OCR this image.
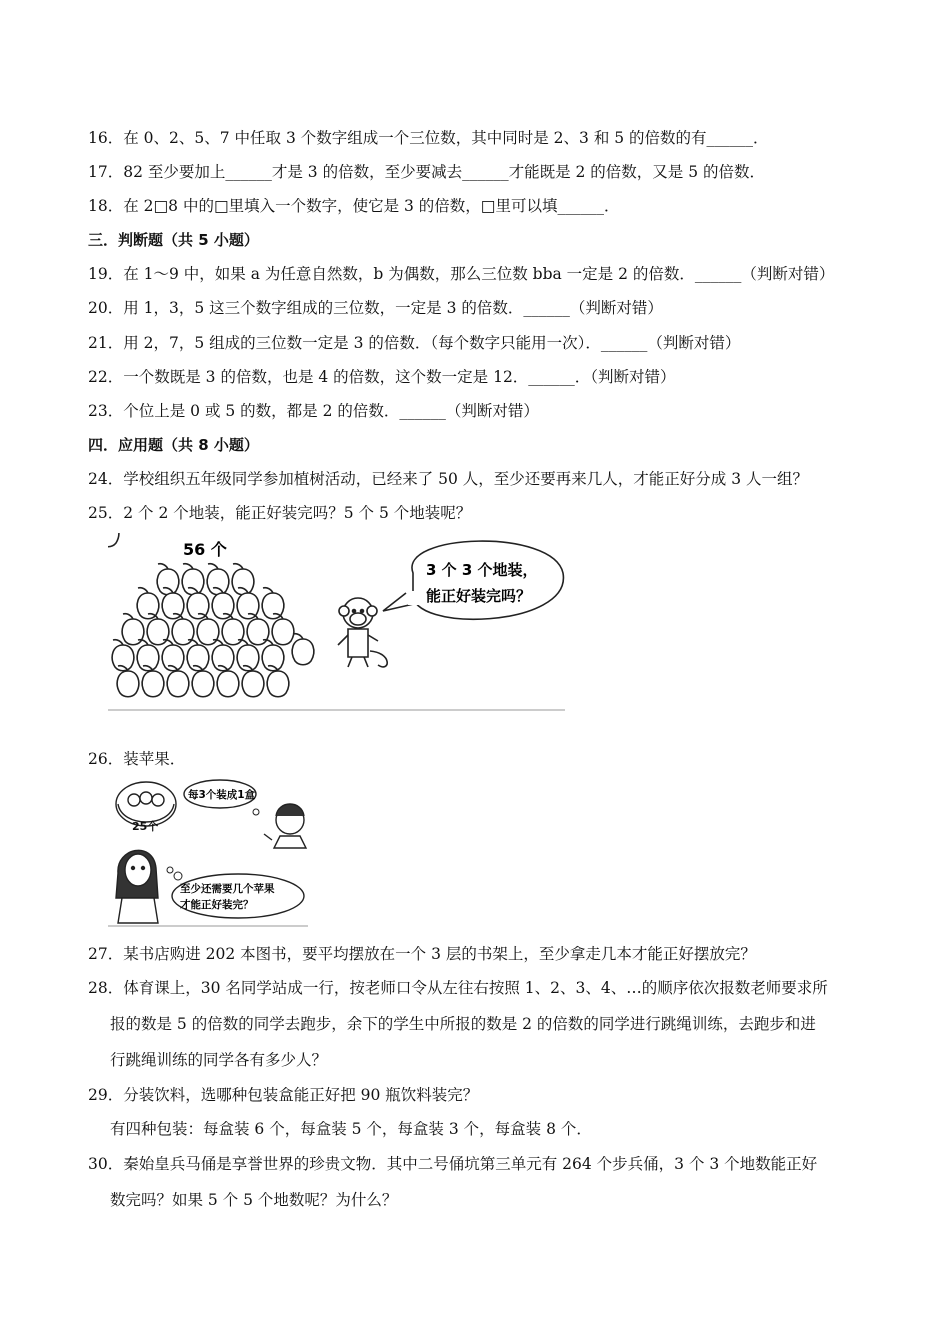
16．在 0、2、5、7 中任取 3 个数字组成一个三位数，其中同时是 2、3 和 5 的倍数的有______．
17．82 至少要加上______才是 3 的倍数，至少要减去______才能既是 2 的倍数，又是 5 的倍数．
18．在 2□8 中的□里填入一个数字，使它是 3 的倍数，□里可以填______．
三．判断题（共 5 小题）
19．在 1～9 中，如果 a 为任意自然数，b 为偶数，那么三位数 bba 一定是 2 的倍数．______（判断对错）
20．用 1，3，5 这三个数字组成的三位数，一定是 3 的倍数．______（判断对错）
21．用 2，7，5 组成的三位数一定是 3 的倍数．（每个数字只能用一次）．______（判断对错）
22．一个数既是 3 的倍数，也是 4 的倍数，这个数一定是 12．______．（判断对错）
23．个位上是 0 或 5 的数，都是 2 的倍数．______（判断对错）
四．应用题（共 8 小题）
24．学校组织五年级同学参加植树活动，已经来了 50 人，至少还要再来几人，才能正好分成 3 人一组？
25．2 个 2 个地装，能正好装完吗？5 个 5 个地装呢？
56 个
3 个 3 个地装，
能正好装完吗？
26．装苹果．
25个
每3个装成1盒
至少还需要几个苹果
才能正好装完？
27．某书店购进 202 本图书，要平均摆放在一个 3 层的书架上，至少拿走几本才能正好摆放完？
28．体育课上，30 名同学站成一行，按老师口令从左往右按照 1、2、3、4、…的顺序依次报数老师要求所
报的数是 5 的倍数的同学去跑步，余下的学生中所报的数是 2 的倍数的同学进行跳绳训练，去跑步和进
行跳绳训练的同学各有多少人？
29．分装饮料，选哪种包装盒能正好把 90 瓶饮料装完？
有四种包装：每盒装 6 个，每盒装 5 个，每盒装 3 个，每盒装 8 个．
30．秦始皇兵马俑是享誉世界的珍贵文物．其中二号俑坑第三单元有 264 个步兵俑，3 个 3 个地数能正好
数完吗？如果 5 个 5 个地数呢？为什么？
